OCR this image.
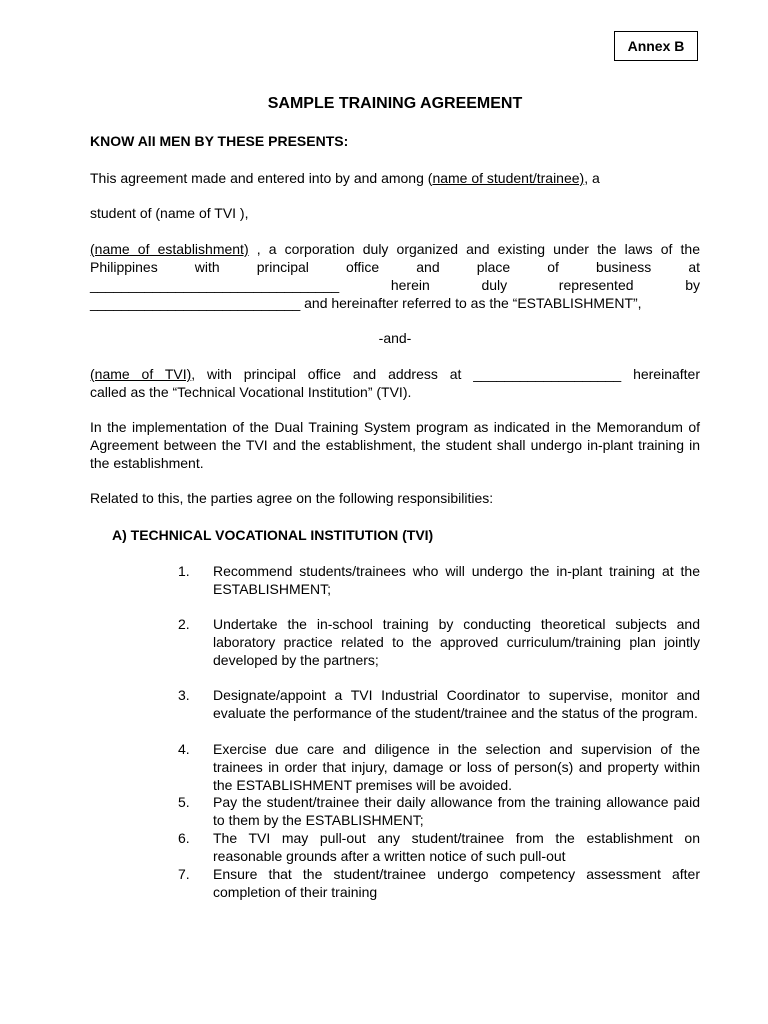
Annex B
SAMPLE TRAINING AGREEMENT
KNOW AlI MEN BY THESE PRESENTS:
This agreement made and entered into by and among (name of student/trainee), a
student of (name of TVI ),
(name of establishment) , a corporation duly organized and existing under the laws of the
Philippines with principal office and place of business at
________________________________ herein duly represented by
___________________________ and hereinafter referred to as the “ESTABLISHMENT”,
-and-
(name of TVI), with principal office and address at ___________________ hereinafter
called as the “Technical Vocational Institution” (TVI).
In the implementation of the Dual Training System program as indicated in the Memorandum of Agreement between the TVI and the establishment, the student shall undergo in-plant training in the establishment.
Related to this, the parties agree on the following responsibilities:
A) TECHNICAL VOCATIONAL INSTITUTION (TVI)
1.	Recommend students/trainees who will undergo the in-plant training at the ESTABLISHMENT;
2.	Undertake the in-school training by conducting theoretical subjects and laboratory practice related to the approved curriculum/training plan jointly developed by the partners;
3.	Designate/appoint a TVI Industrial Coordinator to supervise, monitor and evaluate the performance of the student/trainee and the status of the program.
4.	Exercise due care and diligence in the selection and supervision of the trainees in order that injury, damage or loss of person(s) and property within the ESTABLISHMENT premises will be avoided.
5.	Pay the student/trainee their daily allowance from the training allowance paid to them by the ESTABLISHMENT;
6.	The TVI may pull-out any student/trainee from the establishment on reasonable grounds after a written notice of such pull-out
7.	Ensure that the student/trainee undergo competency assessment after completion of their training
